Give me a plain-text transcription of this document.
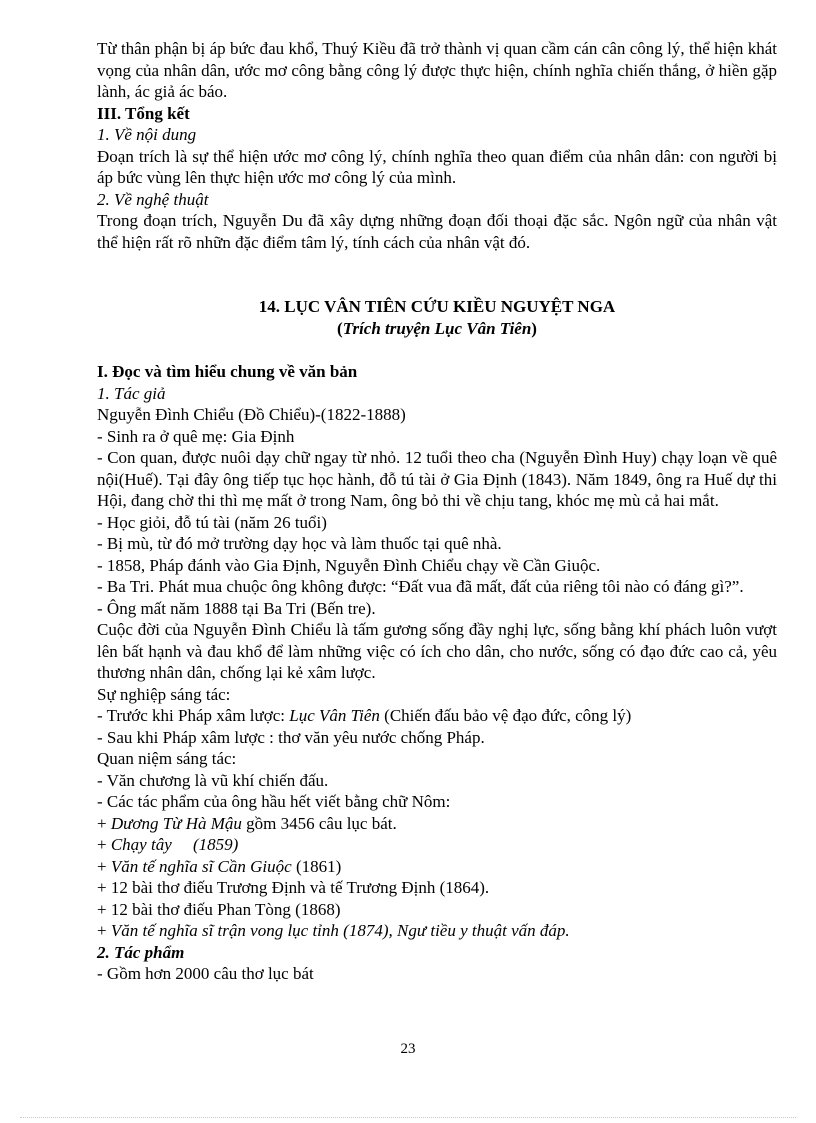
Từ thân phận bị áp bức đau khổ, Thuý Kiều đã trở thành vị quan cầm cán cân công lý, thể hiện khát vọng của nhân dân, ước mơ công bằng công lý được thực hiện, chính nghĩa chiến thắng, ở hiền gặp lành, ác giả ác báo.

III. Tổng kết

1. Về nội dung

Đoạn trích là sự thể hiện ước mơ công lý, chính nghĩa theo quan điểm của nhân dân: con người bị áp bức vùng lên thực hiện ước mơ công lý của mình.

2. Về nghệ thuật

Trong đoạn trích, Nguyễn Du đã xây dựng những đoạn đối thoại đặc sắc. Ngôn ngữ của nhân vật thể hiện rất rõ nhữn đặc điểm tâm lý, tính cách của nhân vật đó.

14. LỤC VÂN TIÊN CỨU KIỀU NGUYỆT NGA

(Trích truyện Lục Vân Tiên)

I. Đọc và tìm hiểu chung về văn bản

1. Tác giả

Nguyễn Đình Chiểu (Đồ Chiểu)-(1822-1888)

- Sinh ra ở quê mẹ: Gia Định

- Con quan, được nuôi dạy chữ ngay từ nhỏ. 12 tuổi theo cha (Nguyễn Đình Huy) chạy loạn về quê nội(Huế). Tại đây ông tiếp tục học hành, đỗ tú tài ở Gia Định (1843). Năm 1849, ông ra Huế dự thi Hội, đang chờ thi thì mẹ mất ở trong Nam, ông bỏ thi về chịu tang, khóc mẹ mù cả hai mắt.

- Học giỏi, đỗ tú tài (năm 26 tuổi)

- Bị mù, từ đó mở trường dạy học và làm thuốc tại quê nhà.

- 1858, Pháp đánh vào Gia Định, Nguyễn Đình Chiểu chạy về Cần Giuộc.

- Ba Tri. Phát mua chuộc ông không được: “Đất vua đã mất, đất của riêng tôi nào có đáng gì?”.

- Ông mất năm 1888 tại Ba Tri (Bến tre).

Cuộc đời của Nguyễn Đình Chiểu là tấm gương sống đầy nghị lực, sống bằng khí phách luôn vượt lên bất hạnh và đau khổ để làm những việc có ích cho dân, cho nước, sống có đạo đức cao cả, yêu thương nhân dân, chống lại kẻ xâm lược.

Sự nghiệp sáng tác:

- Trước khi Pháp xâm lược: Lục Vân Tiên (Chiến đấu bảo vệ đạo đức, công lý)

- Sau khi Pháp xâm lược : thơ văn yêu nước chống Pháp.

Quan niệm sáng tác:

- Văn chương là vũ khí chiến đấu.

- Các tác phẩm của ông hầu hết viết bằng chữ Nôm:

+ Dương Từ Hà Mậu gồm 3456 câu lục bát.

+ Chạy tây     (1859)

+ Văn tế nghĩa sĩ Cần Giuộc (1861)

+ 12 bài thơ điếu Trương Định và tế Trương Định (1864).

+ 12 bài thơ điếu Phan Tòng (1868)

+ Văn tế nghĩa sĩ trận vong lục tỉnh (1874), Ngư tiều y thuật vấn đáp.

2. Tác phẩm

- Gồm hơn 2000 câu thơ lục bát

23
